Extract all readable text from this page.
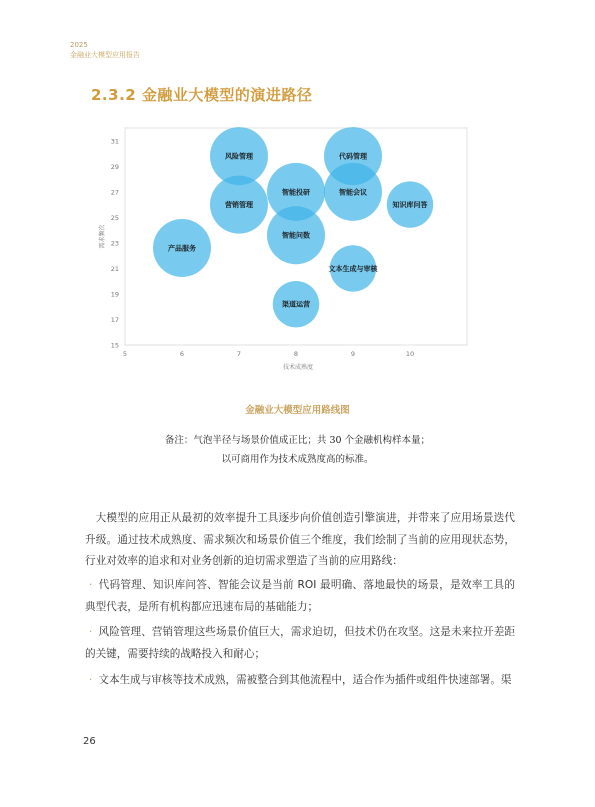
2025
金融业大模型应用报告
2.3.2 金融业大模型的演进路径
5	6	7	8	9	10
15
17
19
21
23
25
27
29
31
技术成熟度
需求频次
风险管理	代码管理
营销管理
智能投研	智能会议
知识库问答
产品服务
智能问数
文本生成与审核
渠道运营
金融业大模型应用路线图
备注：气泡半径与场景价值成正比；共 30 个金融机构样本量；
以可商用作为技术成熟度高的标准。
大模型的应用正从最初的效率提升工具逐步向价值创造引擎演进，并带来了应用场景迭代升级。通过技术成熟度、需求频次和场景价值三个维度，我们绘制了当前的应用现状态势，行业对效率的追求和对业务创新的迫切需求塑造了当前的应用路线：
· 代码管理、知识库问答、智能会议是当前 ROI 最明确、落地最快的场景，是效率工具的典型代表，是所有机构都应迅速布局的基础能力；
· 风险管理、营销管理这些场景价值巨大，需求迫切，但技术仍在攻坚。这是未来拉开差距的关键，需要持续的战略投入和耐心；
· 文本生成与审核等技术成熟，需被整合到其他流程中，适合作为插件或组件快速部署。渠
26
